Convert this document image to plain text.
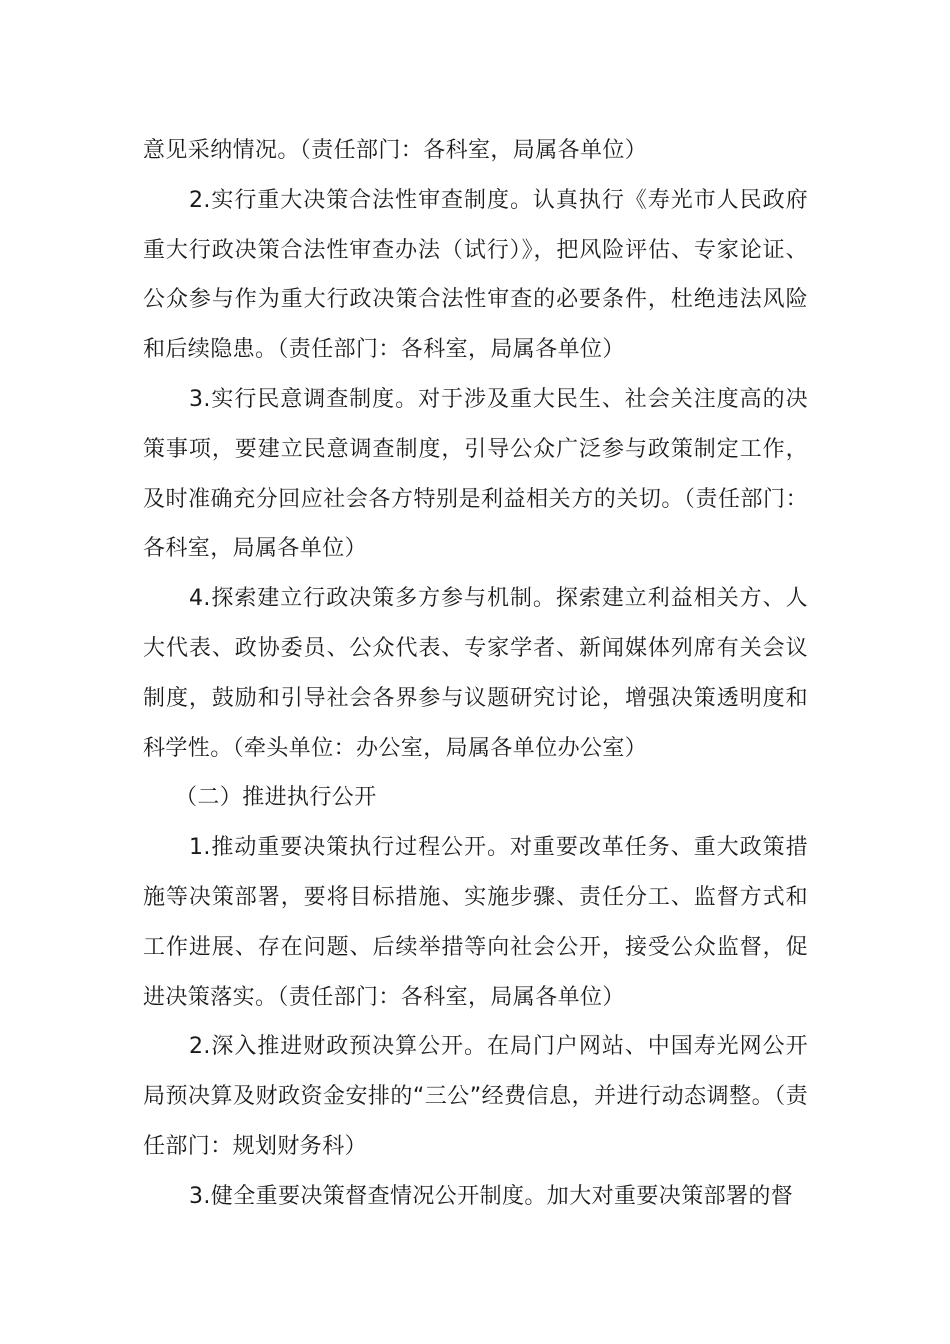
意见采纳情况。（责任部门：各科室，局属各单位）

2.实行重大决策合法性审查制度。认真执行《寿光市人民政府重大行政决策合法性审查办法（试行）》，把风险评估、专家论证、公众参与作为重大行政决策合法性审查的必要条件，杜绝违法风险和后续隐患。（责任部门：各科室，局属各单位）

3.实行民意调查制度。对于涉及重大民生、社会关注度高的决策事项，要建立民意调查制度，引导公众广泛参与政策制定工作，及时准确充分回应社会各方特别是利益相关方的关切。（责任部门：各科室，局属各单位）

4.探索建立行政决策多方参与机制。探索建立利益相关方、人大代表、政协委员、公众代表、专家学者、新闻媒体列席有关会议制度，鼓励和引导社会各界参与议题研究讨论，增强决策透明度和科学性。（牵头单位：办公室，局属各单位办公室）

（二）推进执行公开

1.推动重要决策执行过程公开。对重要改革任务、重大政策措施等决策部署，要将目标措施、实施步骤、责任分工、监督方式和工作进展、存在问题、后续举措等向社会公开，接受公众监督，促进决策落实。（责任部门：各科室，局属各单位）

2.深入推进财政预决算公开。在局门户网站、中国寿光网公开局预决算及财政资金安排的“三公”经费信息，并进行动态调整。（责任部门：规划财务科）

3.健全重要决策督查情况公开制度。加大对重要决策部署的督
